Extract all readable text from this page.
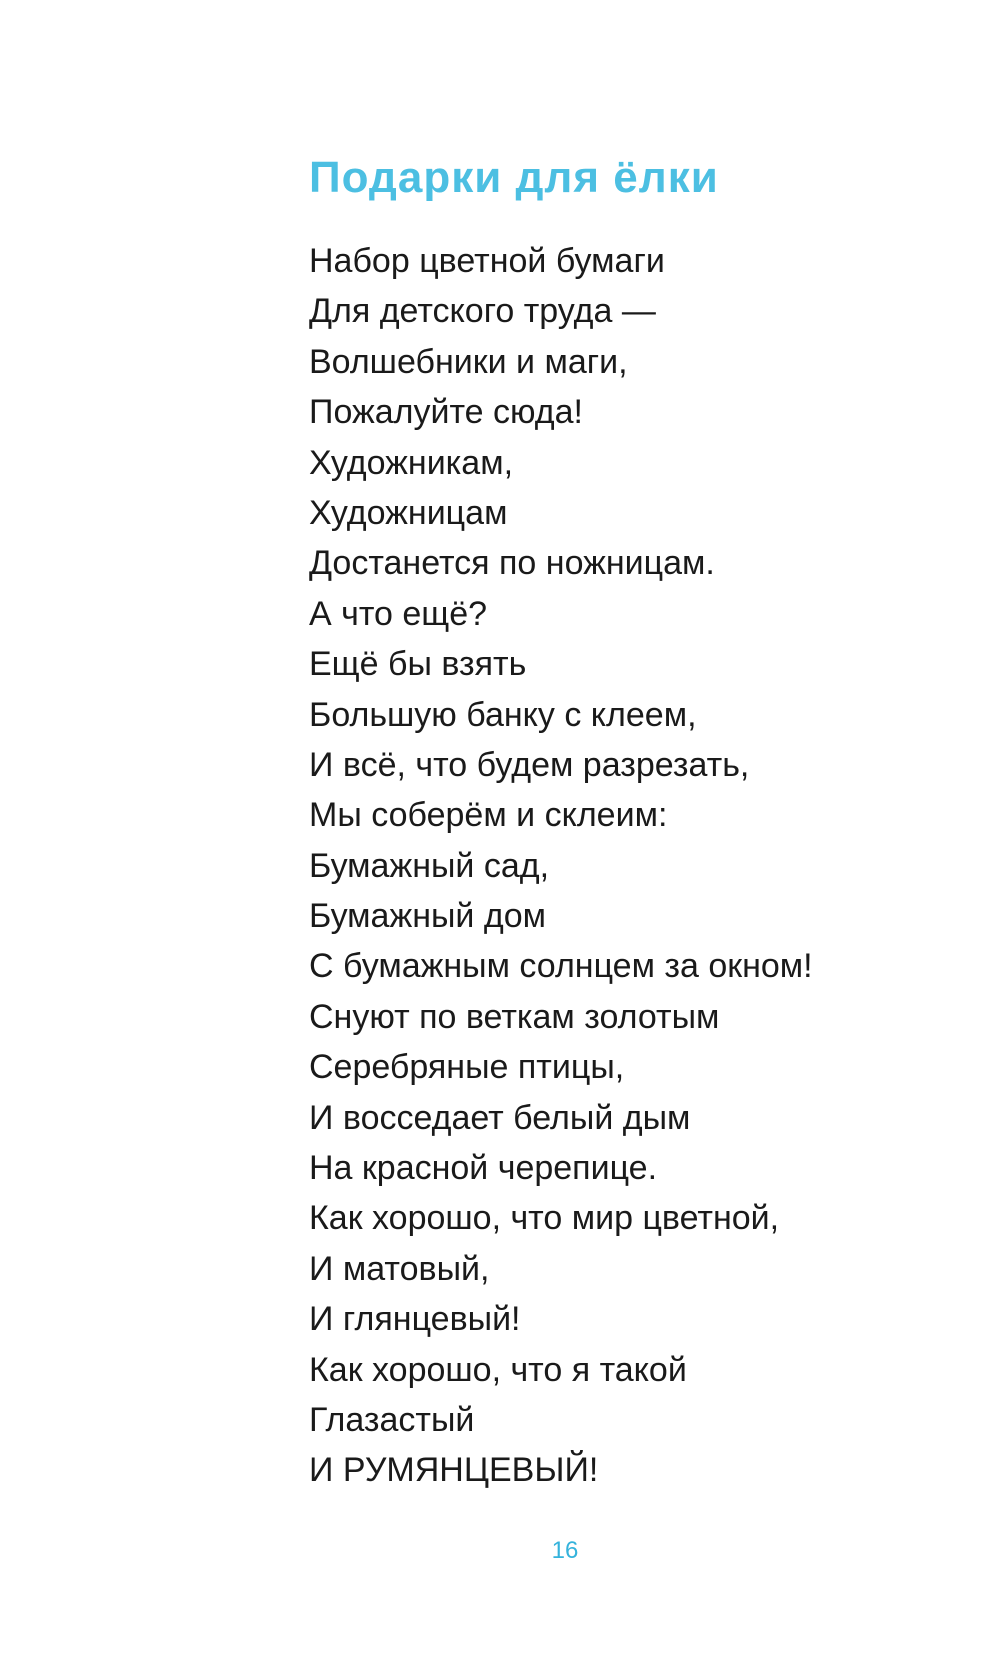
Подарки для ёлки
Набор цветной бумаги
Для детского труда —
Волшебники и маги,
Пожалуйте сюда!
Художникам,
Художницам
Достанется по ножницам.
А что ещё?
Ещё бы взять
Большую банку с клеем,
И всё, что будем разрезать,
Мы соберём и склеим:
Бумажный сад,
Бумажный дом
С бумажным солнцем за окном!
Снуют по веткам золотым
Серебряные птицы,
И восседает белый дым
На красной черепице.
Как хорошо, что мир цветной,
И матовый,
И глянцевый!
Как хорошо, что я такой
Глазастый
И РУМЯНЦЕВЫЙ!
16
